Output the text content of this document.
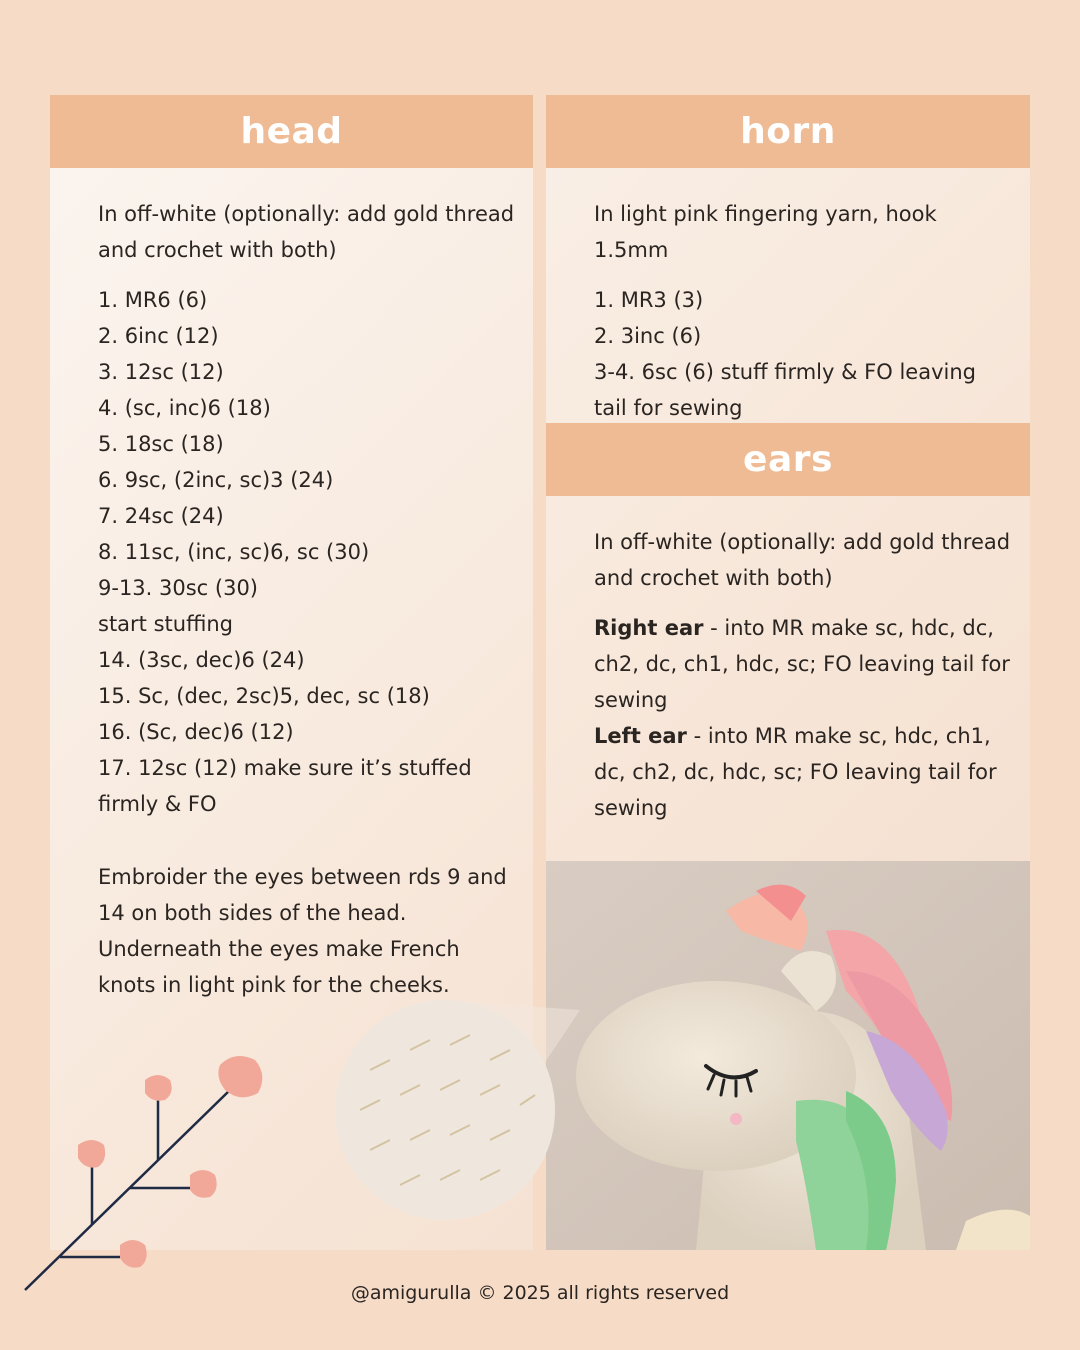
head

In off-white (optionally: add gold thread and crochet with both)

1. MR6 (6)
2. 6inc (12)
3. 12sc (12)
4. (sc, inc)6 (18)
5. 18sc (18)
6. 9sc, (2inc, sc)3 (24)
7. 24sc (24)
8. 11sc, (inc, sc)6, sc (30)
9-13. 30sc (30)
start stuffing
14. (3sc, dec)6 (24)
15. Sc, (dec, 2sc)5, dec, sc (18)
16. (Sc, dec)6 (12)
17. 12sc (12) make sure it’s stuffed firmly & FO

Embroider the eyes between rds 9 and 14 on both sides of the head. Underneath the eyes make French knots in light pink for the cheeks.

horn

In light pink fingering yarn, hook 1.5mm

1. MR3 (3)
2. 3inc (6)
3-4. 6sc (6) stuff firmly & FO leaving tail for sewing
ears

In off-white (optionally: add gold thread and crochet with both)

Right ear - into MR make sc, hdc, dc, ch2, dc, ch1, hdc, sc; FO leaving tail for sewing

Left ear - into MR make sc, hdc, ch1, dc, ch2, dc, hdc, sc; FO leaving tail for sewing

@amigurulla © 2025 all rights reserved
